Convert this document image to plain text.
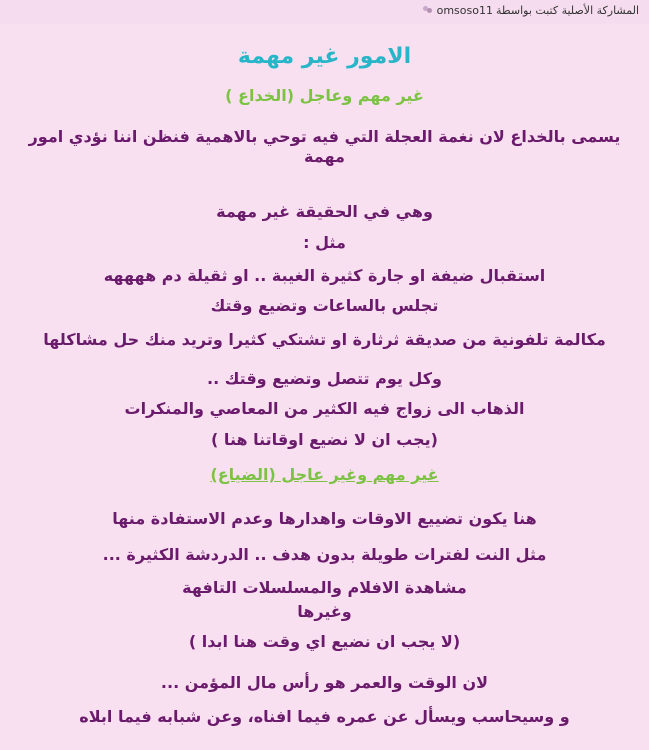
المشاركة الأصلية كتبت بواسطة
omsoso11
الامور غير مهمة
غير مهم وعاجل (الخداع )
يسمى بالخداع لان نغمة العجلة التي فيه توحي بالاهمية فنظن اننا نؤدي امور مهمة
وهي في الحقيقة غير مهمة
مثل :
استقبال ضيفة او جارة كثيرة الغيبة .. او ثقيلة دم ههههه
تجلس بالساعات وتضيع وقتك
مكالمة تلفونية من صديقة ثرثارة او تشتكي كثيرا وتريد منك حل مشاكلها
وكل يوم تتصل وتضيع وقتك ..
الذهاب الى زواج فيه الكثير من المعاصي والمنكرات
(يجب ان لا نضيع اوقاتنا هنا )
غير مهم وغير عاجل (الضياع)
هنا يكون تضييع الاوقات واهدارها وعدم الاستفادة منها
مثل النت لفترات طويلة بدون هدف .. الدردشة الكثيرة ...
مشاهدة الافلام والمسلسلات التافهة
وغيرها
(لا يجب ان نضيع اي وقت هنا ابدا )
لان الوقت والعمر هو رأس مال المؤمن ...
و وسيحاسب ويسأل عن عمره فيما افناه، وعن شبابه فيما ابلاه
